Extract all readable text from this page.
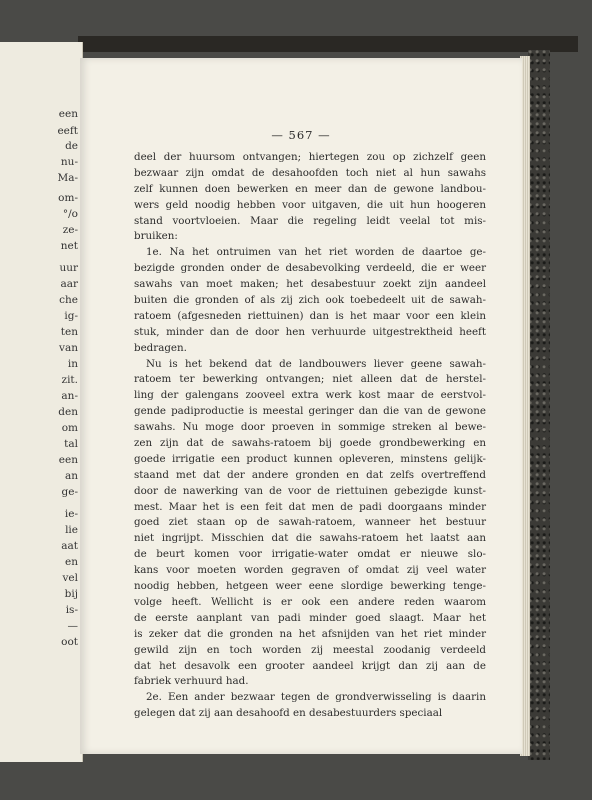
een
eeft
de
nu-
Ma-
om-
°/o
ze-
net
uur
aar
che
ig-
ten
van
in
zit.
an-
den
om
tal
een
an
ge-
ie-
lie
aat
en
vel
bij
is-
—
oot
— 567 —
deel der huursom ontvangen; hiertegen zou op zichzelf geen
bezwaar zijn omdat de desahoofden toch niet al hun sawahs
zelf kunnen doen bewerken en meer dan de gewone landbou-
wers geld noodig hebben voor uitgaven, die uit hun hoogeren
stand voortvloeien. Maar die regeling leidt veelal tot mis-
bruiken:
1e. Na het ontruimen van het riet worden de daartoe ge-
bezigde gronden onder de desabevolking verdeeld, die er weer
sawahs van moet maken; het desabestuur zoekt zijn aandeel
buiten die gronden of als zij zich ook toebedeelt uit de sawah-
ratoem (afgesneden riettuinen) dan is het maar voor een klein
stuk, minder dan de door hen verhuurde uitgestrektheid heeft
bedragen.
Nu is het bekend dat de landbouwers liever geene sawah-
ratoem ter bewerking ontvangen; niet alleen dat de herstel-
ling der galengans zooveel extra werk kost maar de eerstvol-
gende padiproductie is meestal geringer dan die van de gewone
sawahs. Nu moge door proeven in sommige streken al bewe-
zen zijn dat de sawahs-ratoem bij goede grondbewerking en
goede irrigatie een product kunnen opleveren, minstens gelijk-
staand met dat der andere gronden en dat zelfs overtreffend
door de nawerking van de voor de riettuinen gebezigde kunst-
mest. Maar het is een feit dat men de padi doorgaans minder
goed ziet staan op de sawah-ratoem, wanneer het bestuur
niet ingrijpt. Misschien dat die sawahs-ratoem het laatst aan
de beurt komen voor irrigatie-water omdat er nieuwe slo-
kans voor moeten worden gegraven of omdat zij veel water
noodig hebben, hetgeen weer eene slordige bewerking tenge-
volge heeft. Wellicht is er ook een andere reden waarom
de eerste aanplant van padi minder goed slaagt. Maar het
is zeker dat die gronden na het afsnijden van het riet minder
gewild zijn en toch worden zij meestal zoodanig verdeeld
dat het desavolk een grooter aandeel krijgt dan zij aan de
fabriek verhuurd had.
2e. Een ander bezwaar tegen de grondverwisseling is daarin
gelegen dat zij aan desahoofd en desabestuurders speciaal
